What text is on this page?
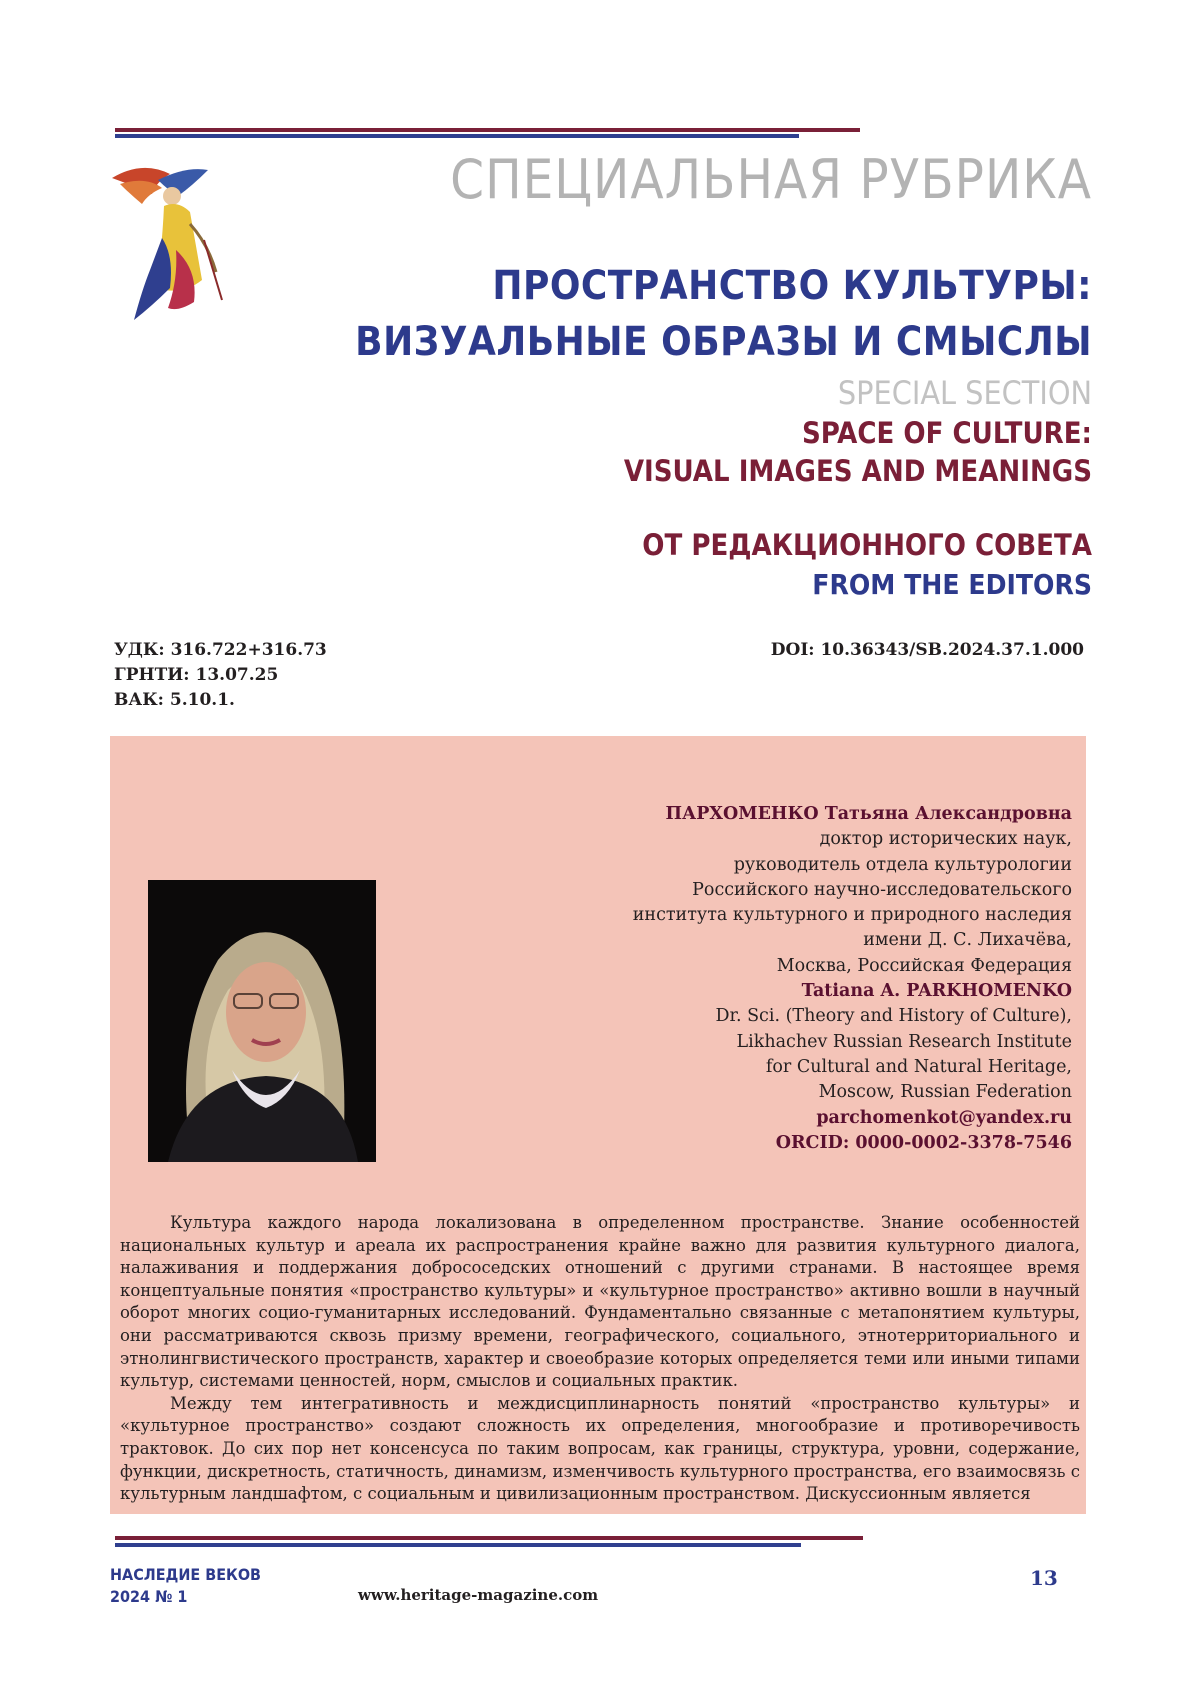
СПЕЦИАЛЬНАЯ РУБРИКА
ПРОСТРАНСТВО КУЛЬТУРЫ:
ВИЗУАЛЬНЫЕ ОБРАЗЫ И СМЫСЛЫ
SPECIAL SECTION
SPACE OF CULTURE:
VISUAL IMAGES AND MEANINGS
ОТ РЕДАКЦИОННОГО СОВЕТА
FROM THE EDITORS
УДК: 316.722+316.73
ГРНТИ: 13.07.25
ВАК: 5.10.1.
DOI: 10.36343/SB.2024.37.1.000
ПАРХОМЕНКО Татьяна Александровна
доктор исторических наук,
руководитель отдела культурологии
Российского научно-исследовательского
института культурного и природного наследия
имени Д. С. Лихачёва,
Москва, Российская Федерация
Tatiana A. PARKHOMENKO
Dr. Sci. (Theory and History of Culture),
Likhachev Russian Research Institute
for Cultural and Natural Heritage,
Moscow, Russian Federation
parchomenkot@yandex.ru
ORCID: 0000-0002-3378-7546

Культура каждого народа локализована в определенном пространстве. Знание особенностей национальных культур и ареала их распространения крайне важно для развития культурного диалога, налаживания и поддержания добрососедских отношений с другими странами. В настоящее время концептуальные понятия «пространство культуры» и «культурное пространство» активно вошли в научный оборот многих социо-гуманитарных исследований. Фундаментально связанные с метапонятием культуры, они рассматриваются сквозь призму времени, географического, социального, этнотерриториального и этнолингвистического пространств, характер и своеобразие которых определяется теми или иными типами культур, системами ценностей, норм, смыслов и социальных практик.

Между тем интегративность и междисциплинарность понятий «пространство культуры» и «культурное пространство» создают сложность их определения, многообразие и противоречивость трактовок. До сих пор нет консенсуса по таким вопросам, как границы, структура, уровни, содержание, функции, дискретность, статичность, динамизм, изменчивость культурного пространства, его взаимосвязь с культурным ландшафтом, с социальным и цивилизационным пространством. Дискуссионным является

НАСЛЕДИЕ ВЕКОВ
2024 № 1	www.heritage-magazine.com
13
